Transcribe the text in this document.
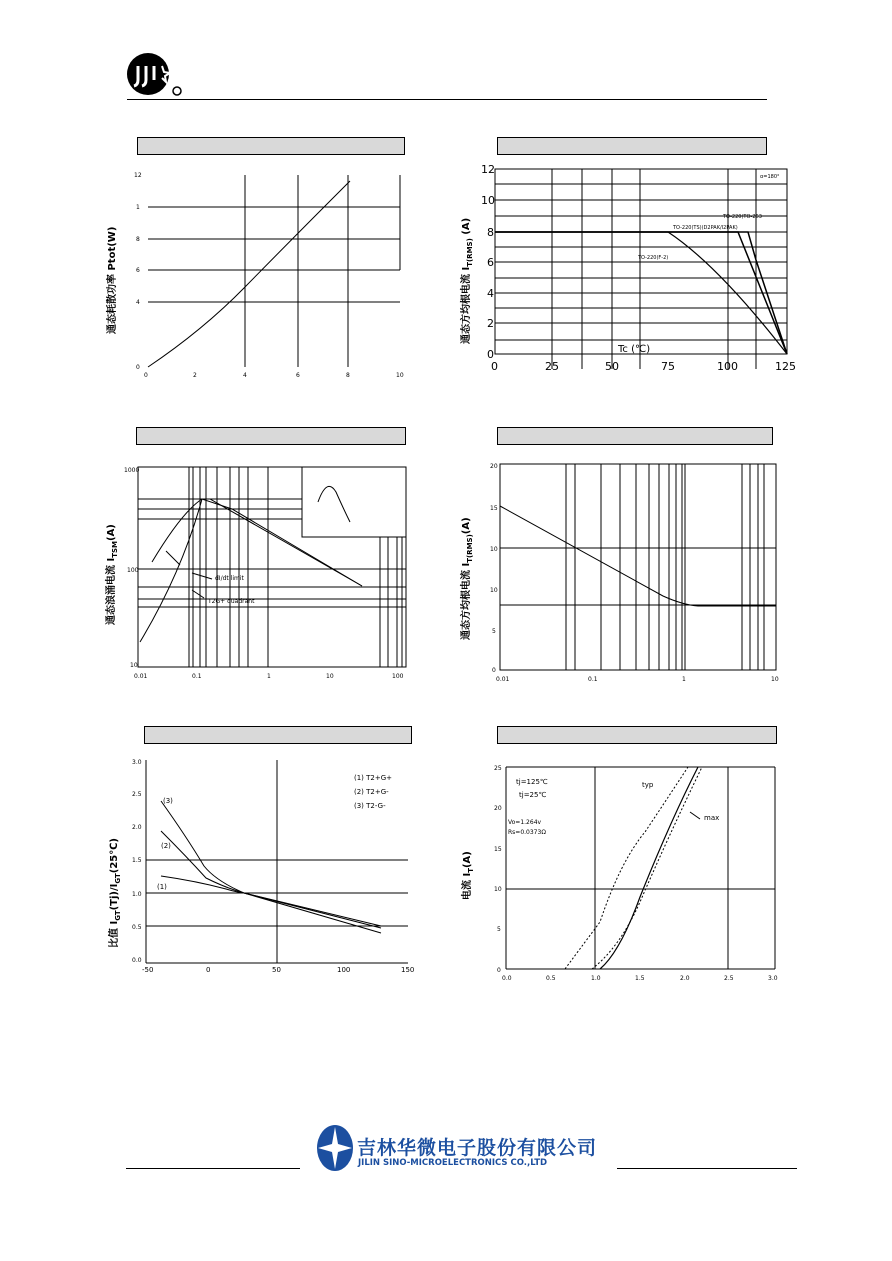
通态耗散功率 Ptot(W)
12
1
8
6
4
0
0	2	4	6	8	10
通态方均根电流 $I_{T(RMS)}$ (A)
12
10
8
6
4
2
0
0	25	50	75	100	125
Tc (℃)
α=180°
TO-220(TO-263
TO-220(TS)(D2PAK/I2PAK)
TO-220(F-2)
通态浪涌电流 $I_{TSM}(A)$
1000
100
10
0.01	0.1	1	10	100
dI/dt limit
T2G+ quadrant	通态方均根电流 $I_{T(RMS)}(A)$
20
15
10
10
5
0
0.01	0.1	1	10
比值 $I_{GT}(Tj)/I_{GT}(25℃)$
3.0
2.5
2.0
1.5
1.0
0.5
0.0
-50	0	50	100	150
(1) T2+G+
(2) T2+G-
(3) T2-G-
(3)
(2)
(1)	电流 $I_T(A)$
25
20
15
10
5
0
0.0	0.5	1.0	1.5	2.0	2.5	3.0
tj=125℃
tj=25℃
Vo=1.264v
Rs=0.0373Ω
typ
max
吉林华微电子股份有限公司
JILIN SINO-MICROELECTRONICS CO.,LTD
